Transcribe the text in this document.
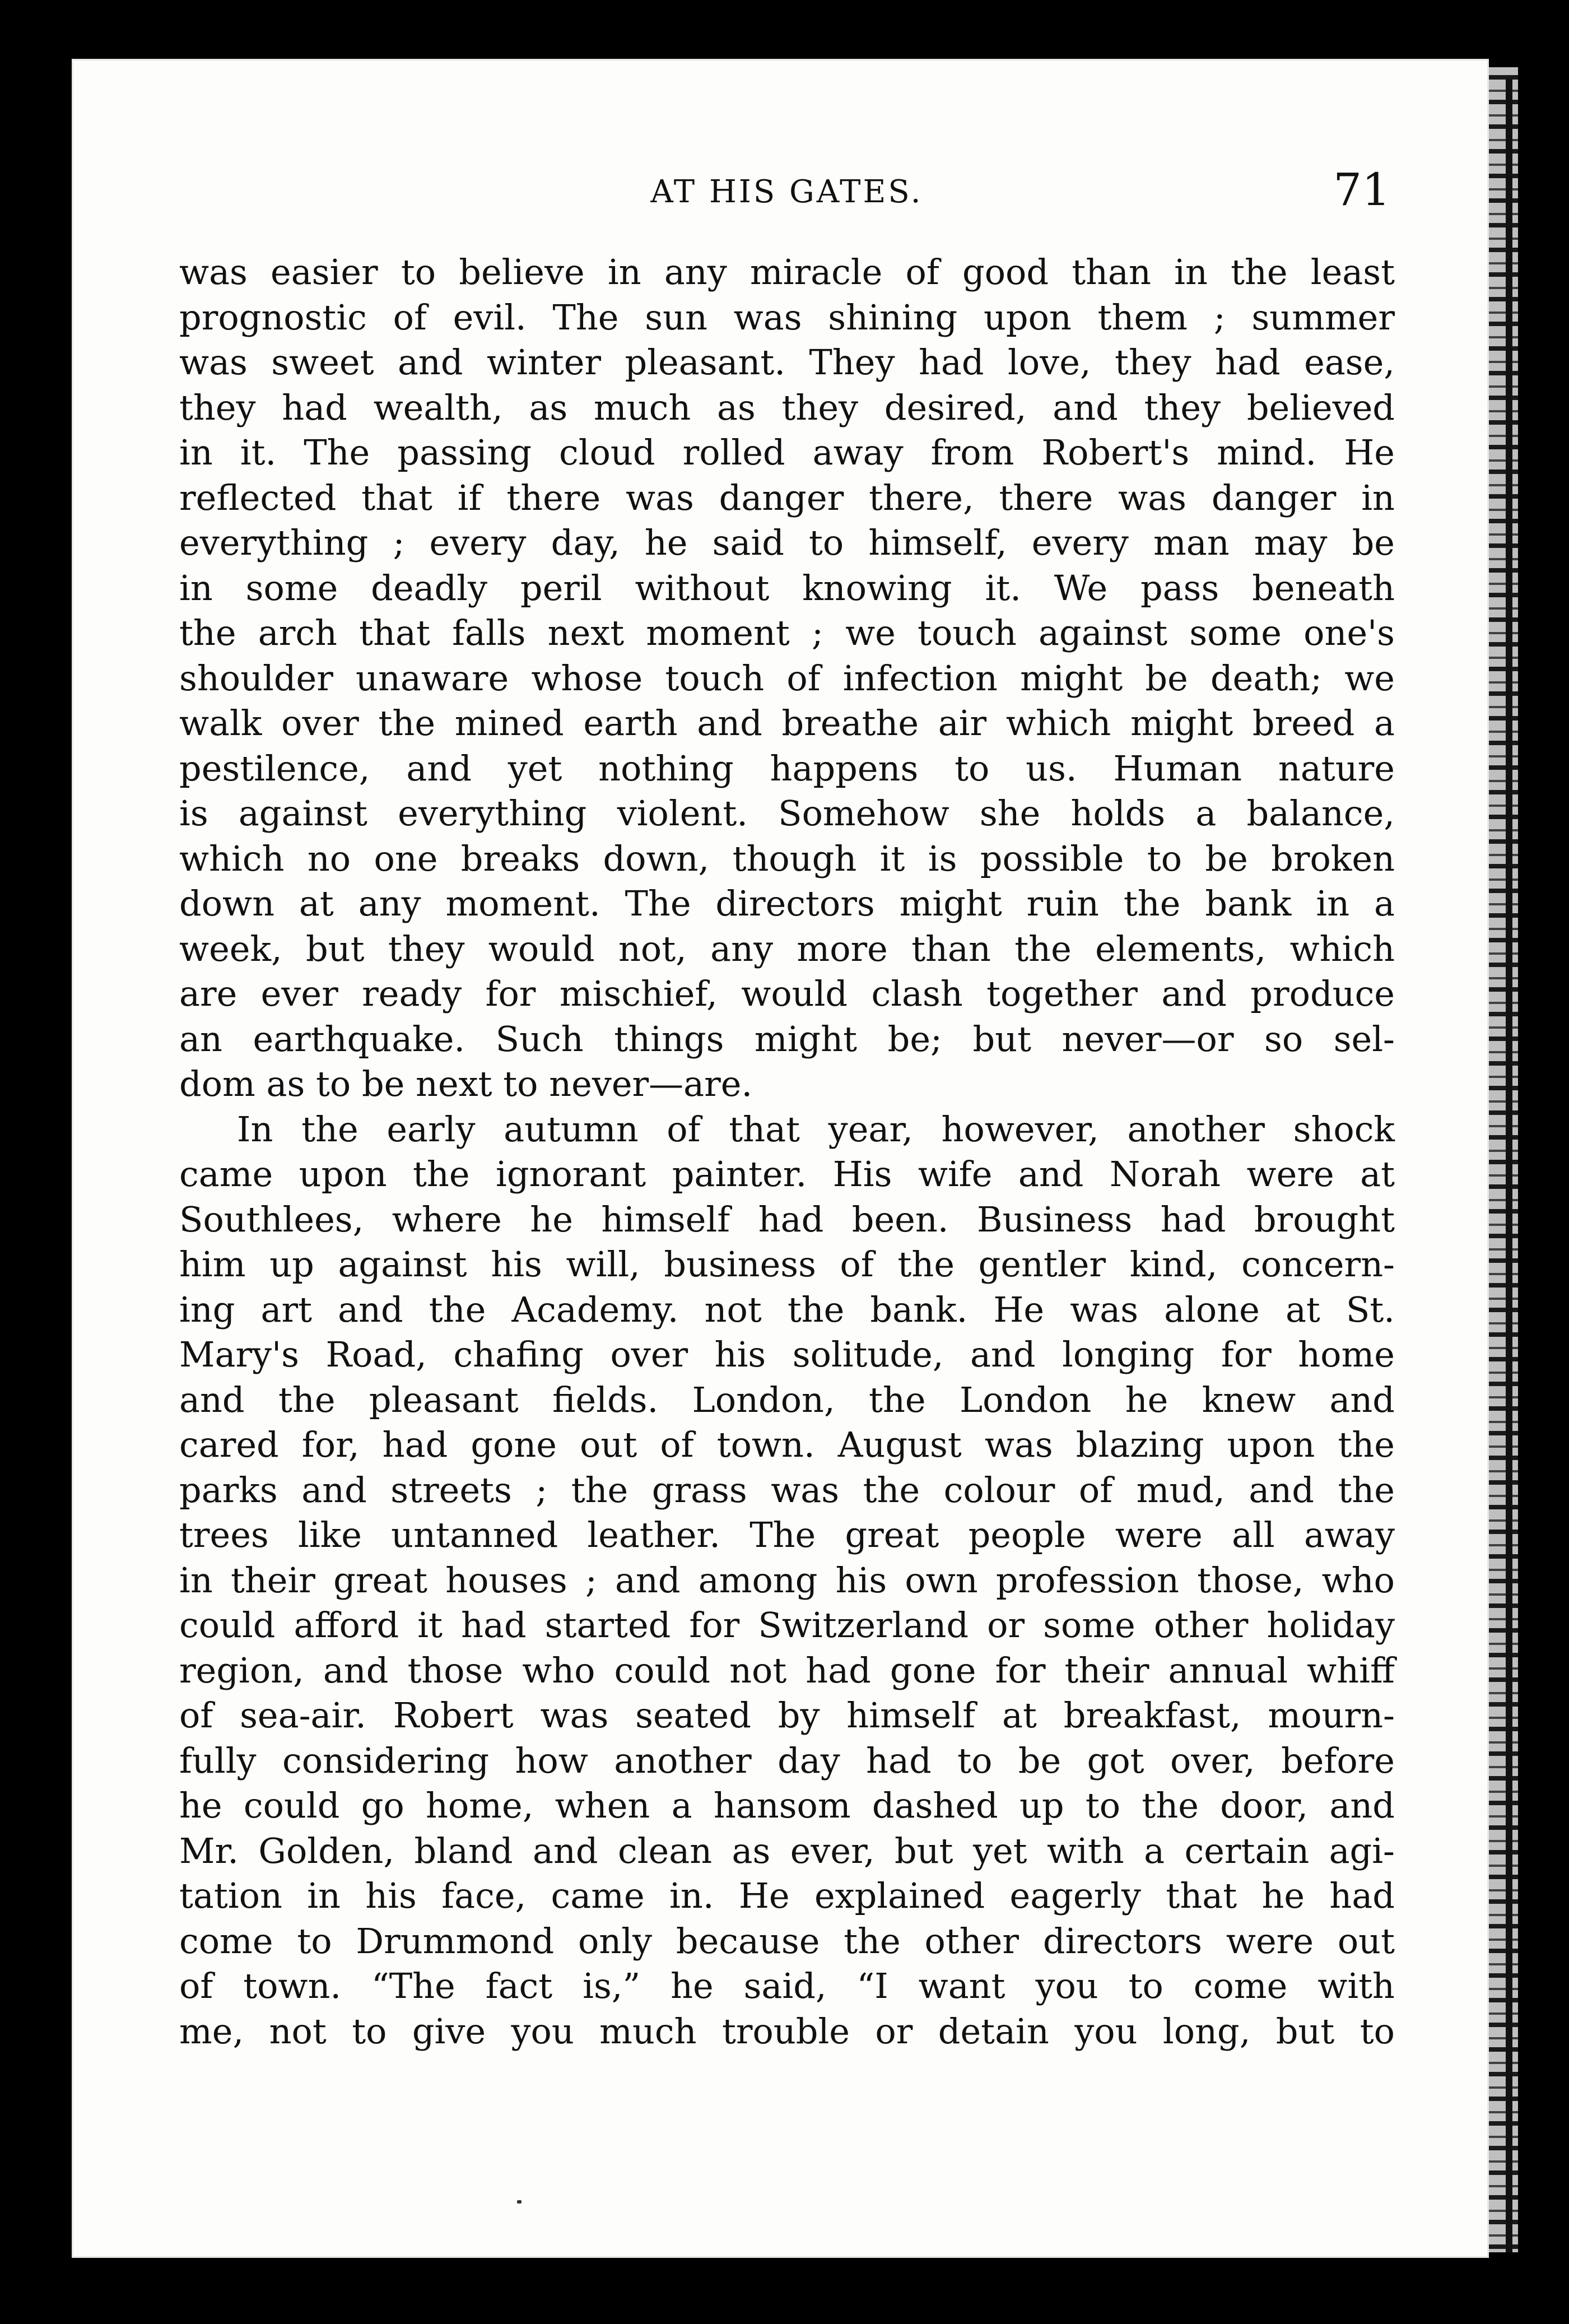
AT HIS GATES.	71
was easier to believe in any miracle of good than in the least
prognostic of evil. The sun was shining upon them ; summer
was sweet and winter pleasant. They had love, they had ease,
they had wealth, as much as they desired, and they believed
in it. The passing cloud rolled away from Robert's mind. He
reflected that if there was danger there, there was danger in
everything ; every day, he said to himself, every man may be
in some deadly peril without knowing it. We pass beneath
the arch that falls next moment ; we touch against some one's
shoulder unaware whose touch of infection might be death; we
walk over the mined earth and breathe air which might breed a
pestilence, and yet nothing happens to us. Human nature
is against everything violent. Somehow she holds a balance,
which no one breaks down, though it is possible to be broken
down at any moment. The directors might ruin the bank in a
week, but they would not, any more than the elements, which
are ever ready for mischief, would clash together and produce
an earthquake. Such things might be; but never—or so sel-
dom as to be next to never—are.
In the early autumn of that year, however, another shock
came upon the ignorant painter. His wife and Norah were at
Southlees, where he himself had been. Business had brought
him up against his will, business of the gentler kind, concern-
ing art and the Academy. not the bank. He was alone at St.
Mary's Road, chafing over his solitude, and longing for home
and the pleasant fields. London, the London he knew and
cared for, had gone out of town. August was blazing upon the
parks and streets ; the grass was the colour of mud, and the
trees like untanned leather. The great people were all away
in their great houses ; and among his own profession those, who
could afford it had started for Switzerland or some other holiday
region, and those who could not had gone for their annual whiff
of sea-air. Robert was seated by himself at breakfast, mourn-
fully considering how another day had to be got over, before
he could go home, when a hansom dashed up to the door, and
Mr. Golden, bland and clean as ever, but yet with a certain agi-
tation in his face, came in. He explained eagerly that he had
come to Drummond only because the other directors were out
of town. “The fact is,” he said, “I want you to come with
me, not to give you much trouble or detain you long, but to
